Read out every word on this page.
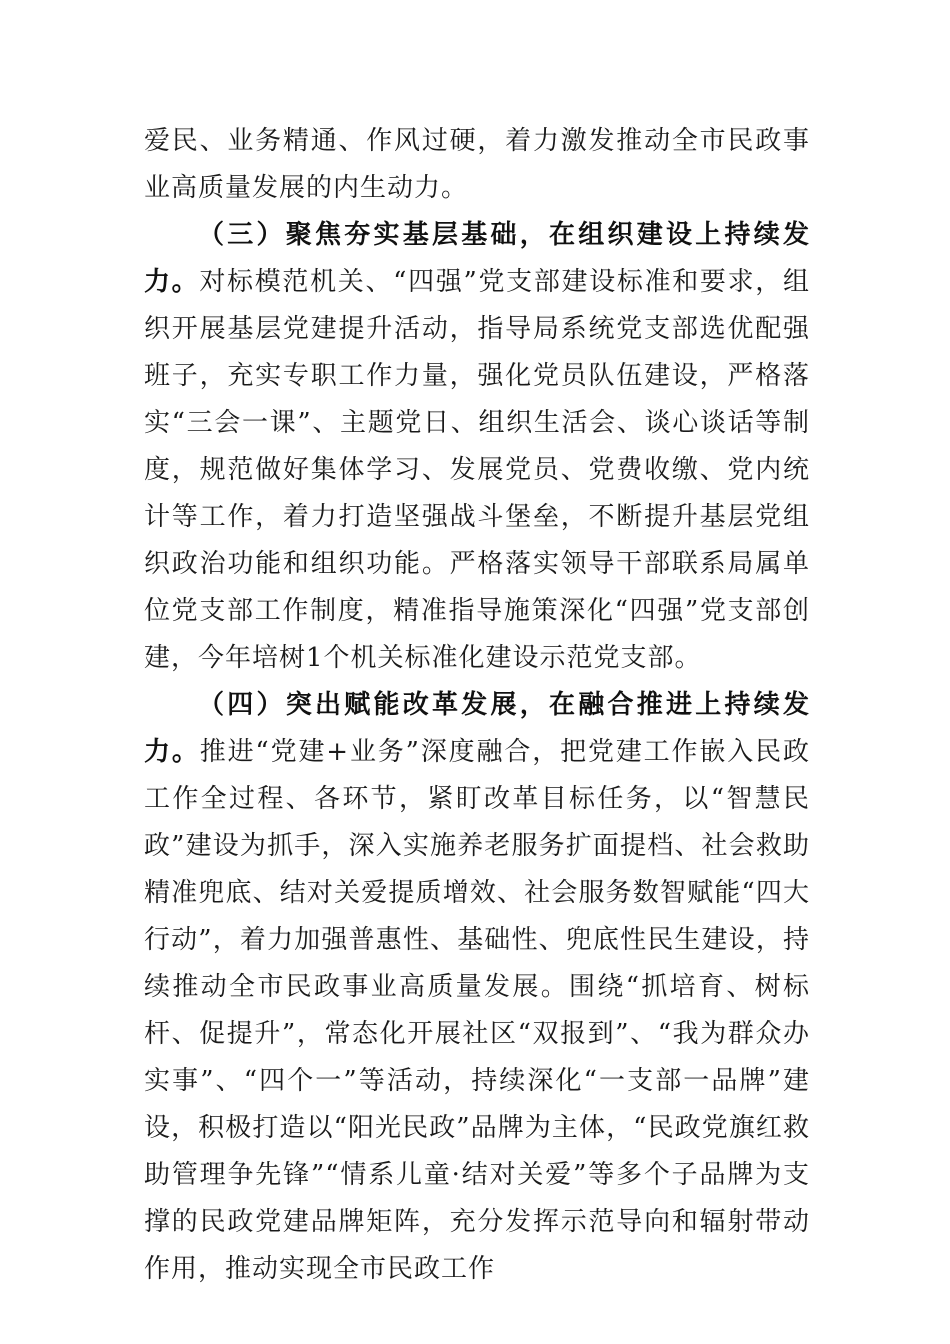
爱民、业务精通、作风过硬，着力激发推动全市民政事业高质量发展的内生动力。

（三）聚焦夯实基层基础，在组织建设上持续发力。对标模范机关、“四强”党支部建设标准和要求，组织开展基层党建提升活动，指导局系统党支部选优配强班子，充实专职工作力量，强化党员队伍建设，严格落实“三会一课”、主题党日、组织生活会、谈心谈话等制度，规范做好集体学习、发展党员、党费收缴、党内统计等工作，着力打造坚强战斗堡垒，不断提升基层党组织政治功能和组织功能。严格落实领导干部联系局属单位党支部工作制度，精准指导施策深化“四强”党支部创建，今年培树1个机关标准化建设示范党支部。

（四）突出赋能改革发展，在融合推进上持续发力。推进“党建+业务”深度融合，把党建工作嵌入民政工作全过程、各环节，紧盯改革目标任务，以“智慧民政”建设为抓手，深入实施养老服务扩面提档、社会救助精准兜底、结对关爱提质增效、社会服务数智赋能“四大行动”，着力加强普惠性、基础性、兜底性民生建设，持续推动全市民政事业高质量发展。围绕“抓培育、树标杆、促提升”，常态化开展社区“双报到”、“我为群众办实事”、“四个一”等活动，持续深化“一支部一品牌”建设，积极打造以“阳光民政”品牌为主体，“民政党旗红救助管理争先锋”“情系儿童·结对关爱”等多个子品牌为支撑的民政党建品牌矩阵，充分发挥示范导向和辐射带动作用，推动实现全市民政工作
